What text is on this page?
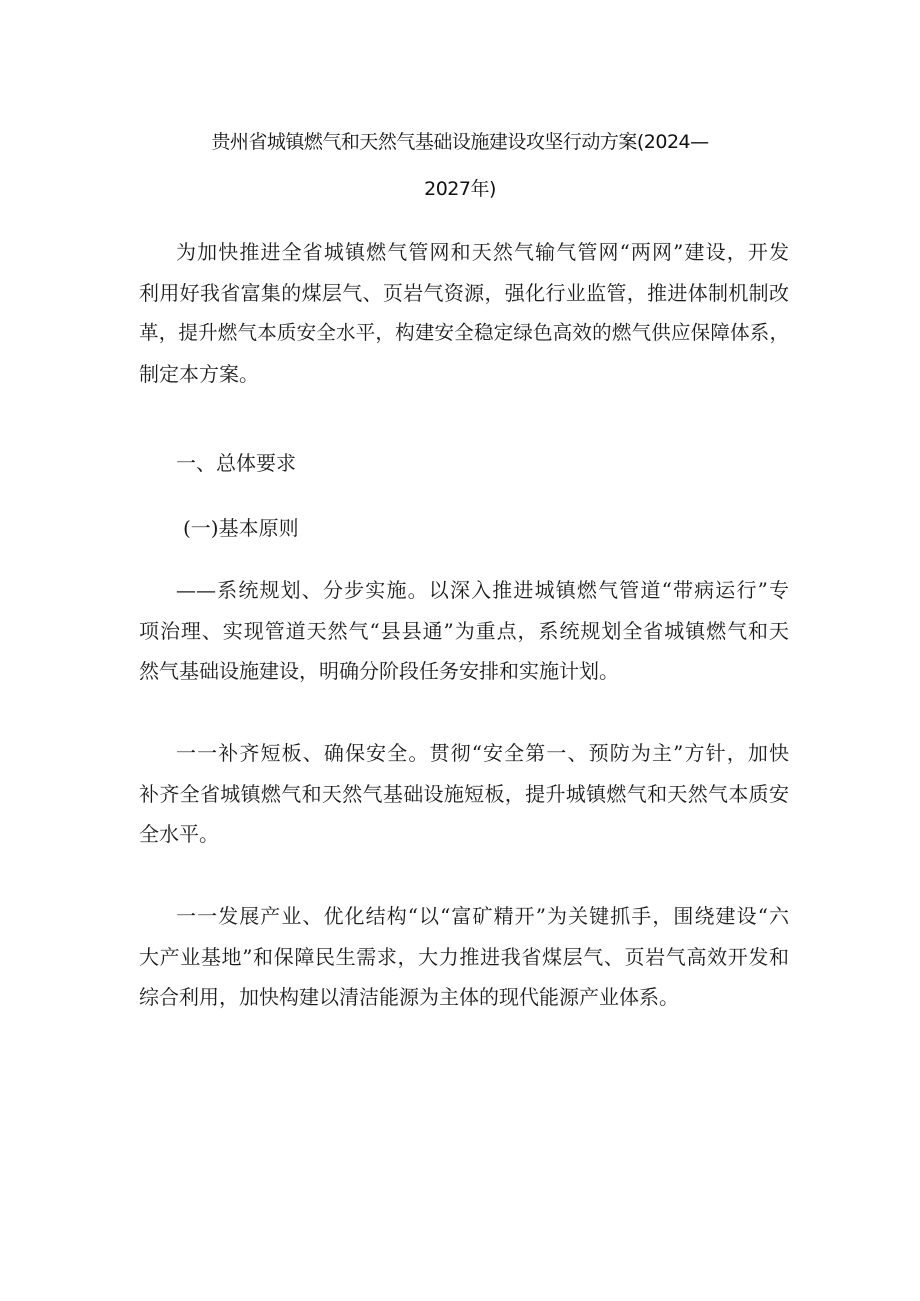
贵州省城镇燃气和天然气基础设施建设攻坚行动方案(2024—
2027年)
为加快推进全省城镇燃气管网和天然气输气管网“两网”建设，开发
利用好我省富集的煤层气、页岩气资源，强化行业监管，推进体制机制改
革，提升燃气本质安全水平，构建安全稳定绿色高效的燃气供应保障体系，
制定本方案。
一、总体要求
(一)基本原则
——系统规划、分步实施。以深入推进城镇燃气管道“带病运行”专
项治理、实现管道天然气“县县通”为重点，系统规划全省城镇燃气和天
然气基础设施建设，明确分阶段任务安排和实施计划。
一一补齐短板、确保安全。贯彻“安全第一、预防为主”方针，加快
补齐全省城镇燃气和天然气基础设施短板，提升城镇燃气和天然气本质安
全水平。
一一发展产业、优化结构“以“富矿精开”为关键抓手，围绕建设“六
大产业基地”和保障民生需求，大力推进我省煤层气、页岩气高效开发和
综合利用，加快构建以清洁能源为主体的现代能源产业体系。
